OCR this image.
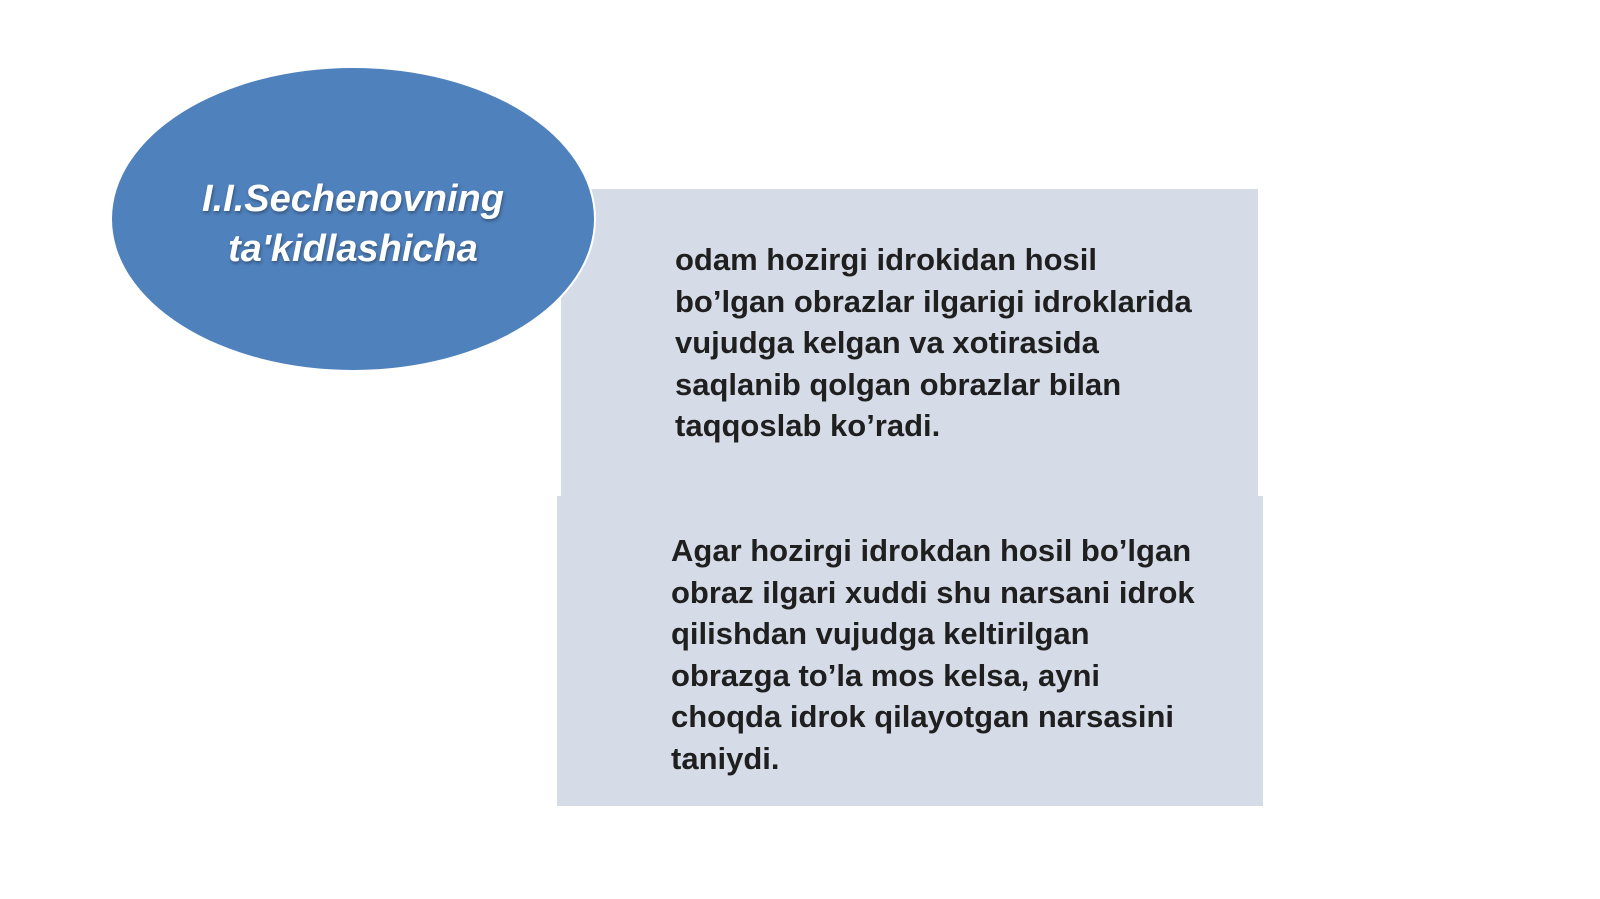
odam hozirgi idrokidan hosil
bo’lgan obrazlar ilgarigi idroklarida
vujudga kelgan va xotirasida
saqlanib qolgan obrazlar bilan
taqqoslab ko’radi.

Agar hozirgi idrokdan hosil bo’lgan
obraz ilgari xuddi shu narsani idrok
qilishdan vujudga keltirilgan
obrazga to’la mos kelsa, ayni
choqda idrok qilayotgan narsasini
taniydi.

I.I.Sechenovning
ta'kidlashicha
